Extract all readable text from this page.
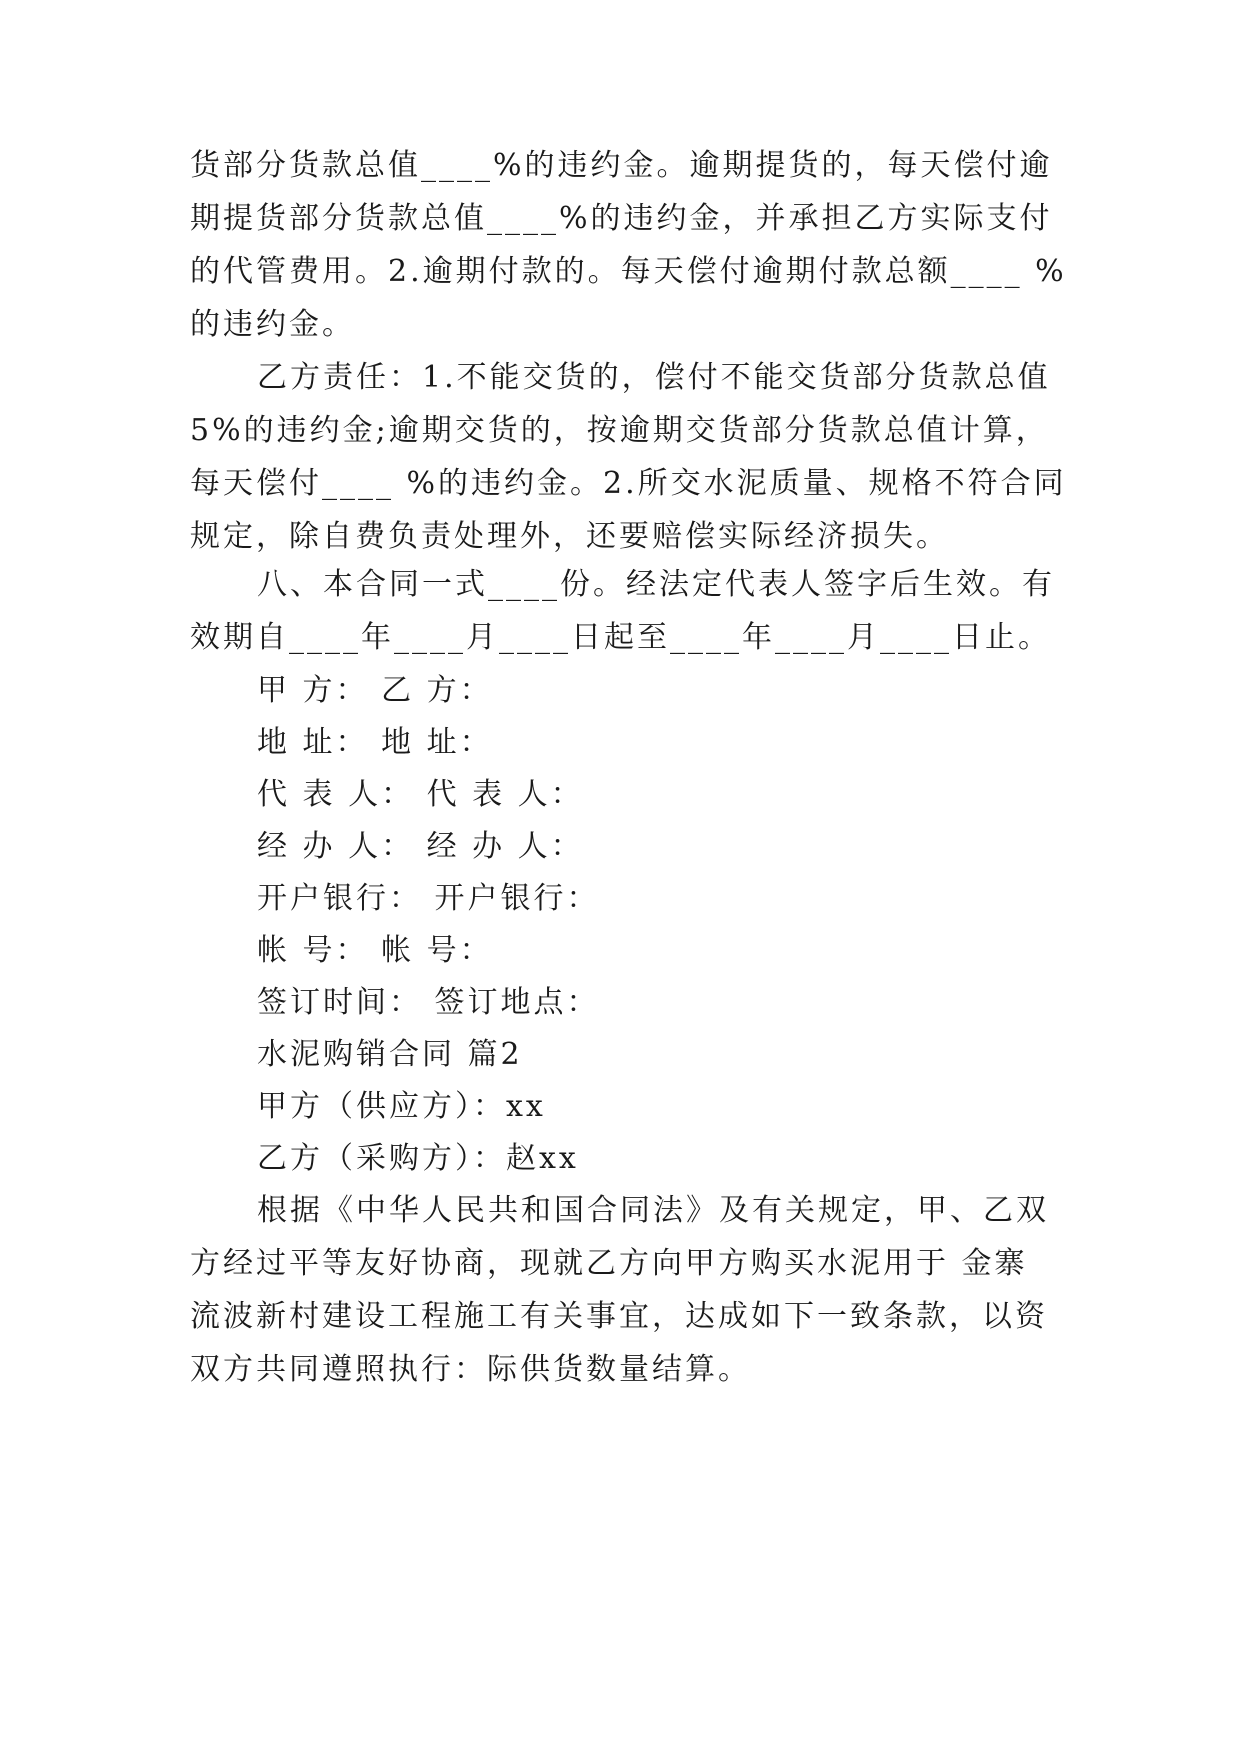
货部分货款总值____%的违约金。逾期提货的，每天偿付逾
期提货部分货款总值____%的违约金，并承担乙方实际支付
的代管费用。2.逾期付款的。每天偿付逾期付款总额____ %
的违约金。
乙方责任：1.不能交货的，偿付不能交货部分货款总值
5%的违约金;逾期交货的，按逾期交货部分货款总值计算，
每天偿付____ %的违约金。2.所交水泥质量、规格不符合同
规定，除自费负责处理外，还要赔偿实际经济损失。
八、本合同一式____份。经法定代表人签字后生效。有
效期自____年____月____日起至____年____月____日止。
甲 方： 乙 方：
地 址： 地 址：
代 表 人： 代 表 人：
经 办 人： 经 办 人：
开户银行： 开户银行：
帐 号： 帐 号：
签订时间： 签订地点：
水泥购销合同 篇2
甲方（供应方）：xx
乙方（采购方）：赵xx
根据《中华人民共和国合同法》及有关规定，甲、乙双
方经过平等友好协商，现就乙方向甲方购买水泥用于 金寨
流波新村建设工程施工有关事宜，达成如下一致条款，以资
双方共同遵照执行：际供货数量结算。
